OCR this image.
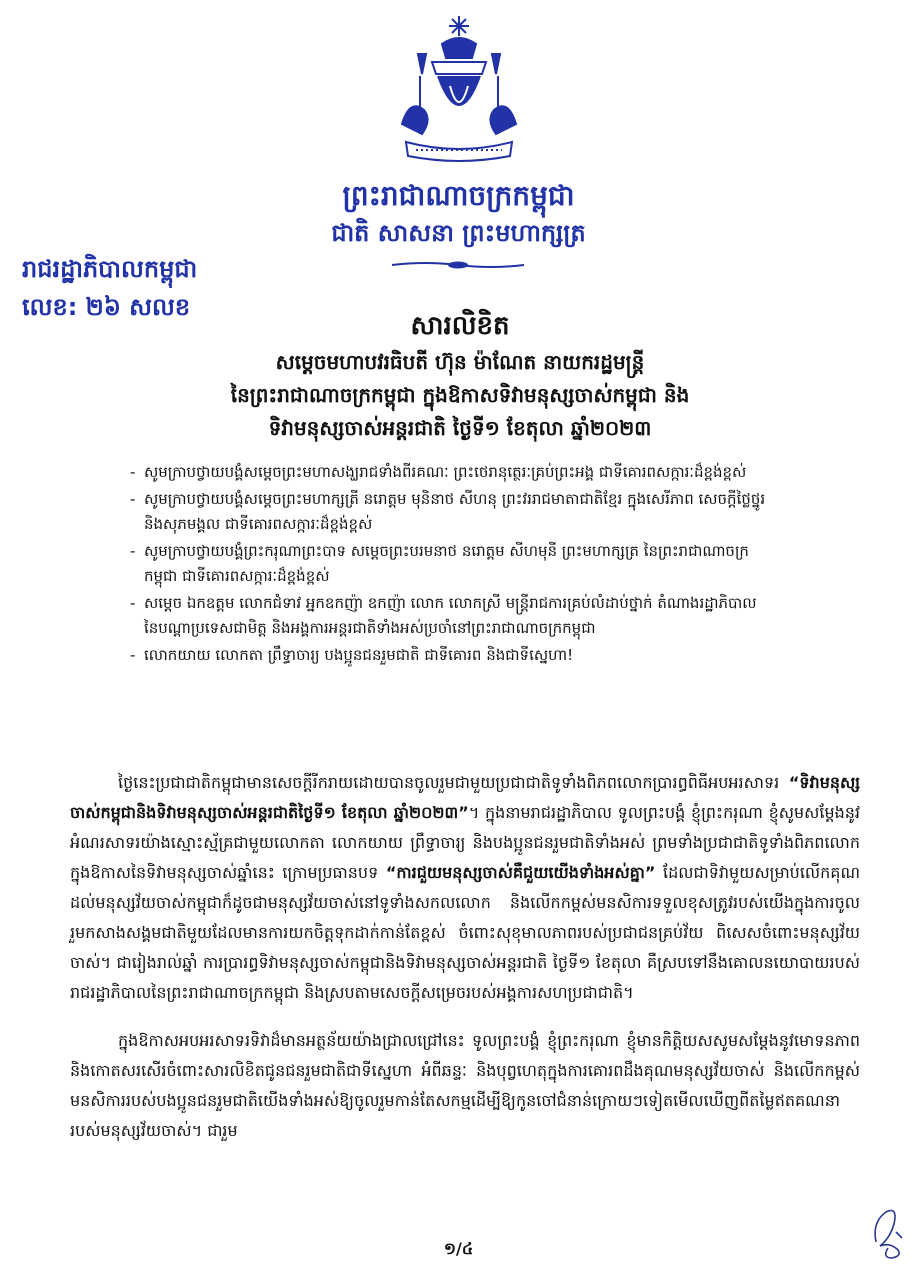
ព្រះរាជាណាចក្រកម្ពុជា
ជាតិ សាសនា ព្រះមហាក្សត្រ
រាជរដ្ឋាភិបាលកម្ពុជា
លេខ: ២៦ សលខ
សារលិខិត
សម្តេចមហាបវរធិបតី ហ៊ុន ម៉ាណែត នាយករដ្ឋមន្ត្រី
នៃព្រះរាជាណាចក្រកម្ពុជា ក្នុងឱកាសទិវាមនុស្សចាស់កម្ពុជា និង
ទិវាមនុស្សចាស់អន្តរជាតិ ថ្ងៃទី១ ខែតុលា ឆ្នាំ២០២៣
- សូមក្រាបថ្វាយបង្គំសម្តេចព្រះមហាសង្ឃរាជទាំងពីរគណៈ ព្រះថេរានុត្ថេរៈគ្រប់ព្រះអង្គ ជាទីគោរពសក្ការៈដ៏ខ្ពង់ខ្ពស់
- សូមក្រាបថ្វាយបង្គំសម្តេចព្រះមហាក្សត្រី នរោត្តម មុនិនាថ សីហនុ ព្រះវររាជមាតាជាតិខ្មែរ ក្នុងសេរីភាព សេចក្តីថ្លៃថ្នូរ និងសុភមង្គល ជាទីគោរពសក្ការៈដ៏ខ្ពង់ខ្ពស់
- សូមក្រាបថ្វាយបង្គំព្រះករុណាព្រះបាទ សម្តេចព្រះបរមនាថ នរោត្តម សីហមុនី ព្រះមហាក្សត្រ នៃព្រះរាជាណាចក្រកម្ពុជា ជាទីគោរពសក្ការៈដ៏ខ្ពង់ខ្ពស់
- សម្តេច ឯកឧត្តម លោកជំទាវ អ្នកឧកញ៉ា ឧកញ៉ា លោក លោកស្រី មន្ត្រីរាជការគ្រប់លំដាប់ថ្នាក់ តំណាងរដ្ឋាភិបាល នៃបណ្តាប្រទេសជាមិត្ត និងអង្គការអន្តរជាតិទាំងអស់ប្រចាំនៅព្រះរាជាណាចក្រកម្ពុជា
- លោកយាយ លោកតា ព្រឹទ្ធាចារ្យ បងប្អូនជនរួមជាតិ ជាទីគោរព និងជាទីស្នេហា!

ថ្ងៃនេះប្រជាជាតិកម្ពុជាមានសេចក្តីរីករាយដោយបានចូលរួមជាមួយប្រជាជាតិទូទាំងពិភពលោកប្រារព្ធពិធីអបអរសាទរ “ទិវាមនុស្សចាស់កម្ពុជានិងទិវាមនុស្សចាស់អន្តរជាតិថ្ងៃទី១ ខែតុលា ឆ្នាំ២០២៣”។ ក្នុងនាមរាជរដ្ឋាភិបាល ទូលព្រះបង្គំ ខ្ញុំព្រះករុណា ខ្ញុំសូមសម្តែងនូវអំណរសាទរយ៉ាងស្មោះស្ម័គ្រជាមួយលោកតា លោកយាយ ព្រឹទ្ធាចារ្យ និងបងប្អូនជនរួមជាតិទាំងអស់ ព្រមទាំងប្រជាជាតិទូទាំងពិភពលោកក្នុងឱកាសនៃទិវាមនុស្សចាស់ឆ្នាំនេះ ក្រោមប្រធានបទ “ការជួយមនុស្សចាស់គឺជួយយើងទាំងអស់គ្នា” ដែលជាទិវាមួយសម្រាប់លើកគុណដល់មនុស្សវ័យចាស់កម្ពុជាក៏ដូចជាមនុស្សវ័យចាស់នៅទូទាំងសកលលោក និងលើកកម្ពស់មនសិការទទួលខុសត្រូវរបស់យើងក្នុងការចូលរួមកសាងសង្គមជាតិមួយដែលមានការយកចិត្តទុកដាក់កាន់តែខ្ពស់ ចំពោះសុខុមាលភាពរបស់ប្រជាជនគ្រប់វ័យ ពិសេសចំពោះមនុស្សវ័យចាស់។ ជារៀងរាល់ឆ្នាំ ការប្រារព្ធទិវាមនុស្សចាស់កម្ពុជានិងទិវាមនុស្សចាស់អន្តរជាតិ ថ្ងៃទី១ ខែតុលា គឺស្របទៅនឹងគោលនយោបាយរបស់រាជរដ្ឋាភិបាលនៃព្រះរាជាណាចក្រកម្ពុជា និងស្របតាមសេចក្តីសម្រេចរបស់អង្គការសហប្រជាជាតិ។

ក្នុងឱកាសអបអរសាទរទិវាដ៏មានអត្ថន័យយ៉ាងជ្រាលជ្រៅនេះ ទូលព្រះបង្គំ ខ្ញុំព្រះករុណា ខ្ញុំមានកិត្តិយសសូមសម្តែងនូវមោទនភាពនិងកោតសរសើរចំពោះសារលិខិតជូនជនរួមជាតិជាទីស្នេហា អំពីឆន្ទៈ និងបុព្វហេតុក្នុងការគោរពដឹងគុណមនុស្សវ័យចាស់ និងលើកកម្ពស់មនសិការរបស់បងប្អូនជនរួមជាតិយើងទាំងអស់ឱ្យចូលរួមកាន់តែសកម្មដើម្បីឱ្យកូនចៅជំនាន់ក្រោយៗទៀតមើលឃើញពីតម្លៃឥតគណនារបស់មនុស្សវ័យចាស់។ ជារួម

១/៤
